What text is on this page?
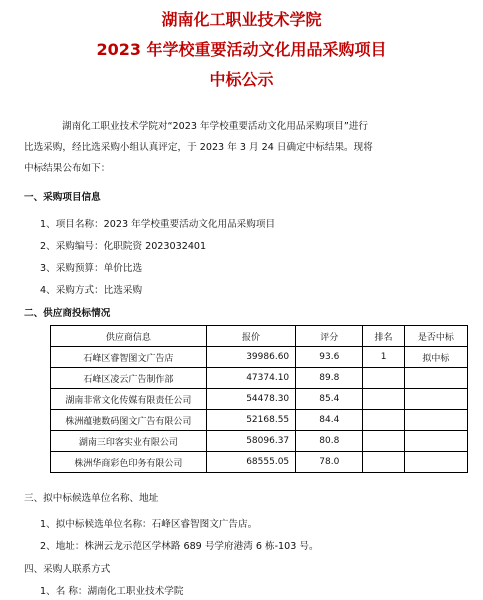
湖南化工职业技术学院
2023 年学校重要活动文化用品采购项目
中标公示
湖南化工职业技术学院对“2023 年学校重要活动文化用品采购项目”进行
比选采购，经比选采购小组认真评定，于 2023 年 3 月 24 日确定中标结果。现将
中标结果公布如下：
一、采购项目信息
1、项目名称：2023 年学校重要活动文化用品采购项目
2、采购编号：化职院资 2023032401
3、采购预算：单价比选
4、采购方式：比选采购
二、供应商投标情况
供应商信息	报价	评分	排名	是否中标
石峰区睿智图文广告店	39986.60	93.6	1	拟中标
石峰区凌云广告制作部	47374.10	89.8		
湖南非常文化传媒有限责任公司	54478.30	85.4		
株洲蕴驰数码图文广告有限公司	52168.55	84.4		
湖南三印客实业有限公司	58096.37	80.8		
株洲华商彩色印务有限公司	68555.05	78.0		
三、拟中标候选单位名称、地址
1、拟中标候选单位名称：石峰区睿智图文广告店。
2、地址：株洲云龙示范区学林路 689 号学府港湾 6 栋-103 号。
四、采购人联系方式
1、名 称：湖南化工职业技术学院
